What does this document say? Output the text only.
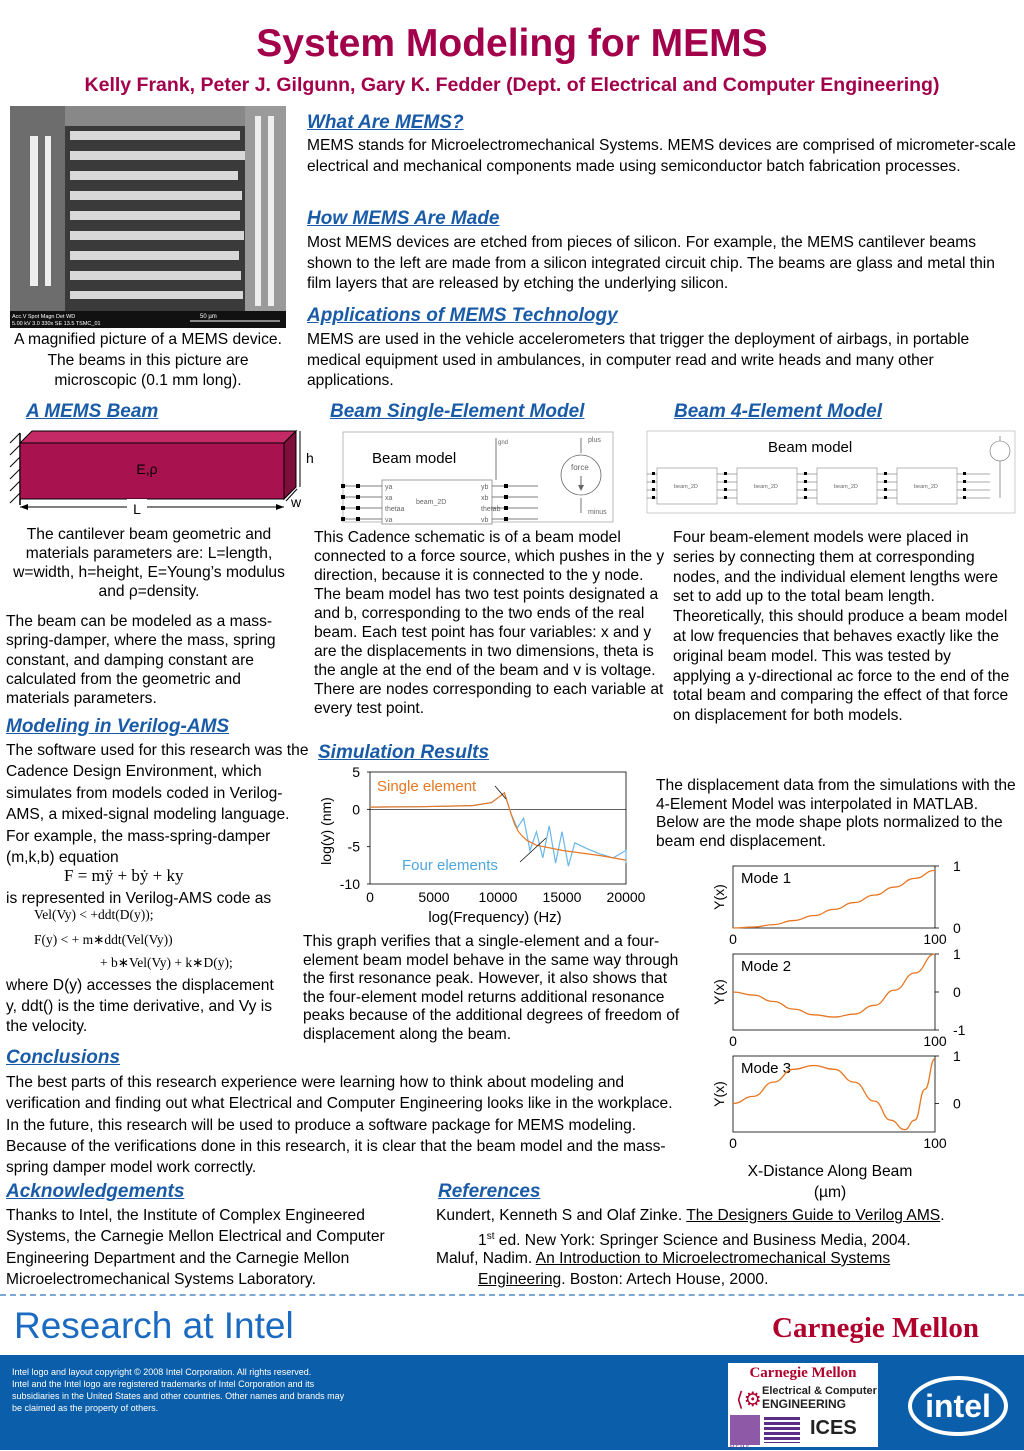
System Modeling for MEMS
Kelly Frank, Peter J. Gilgunn, Gary K. Fedder (Dept. of Electrical and Computer Engineering)
Acc.V Spot Magn Det WD
5.00 kV 3.0 330x SE 13.5 TSMC_01
50 µm
A magnified picture of a MEMS device. The beams in this picture are microscopic (0.1 mm long).
What Are MEMS?
MEMS stands for Microelectromechanical Systems. MEMS devices are comprised of micrometer-scale electrical and mechanical components made using semiconductor batch fabrication processes.
How MEMS Are Made
Most MEMS devices are etched from pieces of silicon. For example, the MEMS cantilever beams shown to the left are made from a silicon integrated circuit chip. The beams are glass and metal thin film layers that are released by etching the underlying silicon.
Applications of MEMS Technology
MEMS are used in the vehicle accelerometers that trigger the deployment of airbags, in portable medical equipment used in ambulances, in computer read and write heads and many other applications.
A MEMS Beam
E,ρ
h
w
L
The cantilever beam geometric and materials parameters are: L=length, w=width, h=height, E=Young’s modulus and ρ=density.
The beam can be modeled as a mass-spring-damper, where the mass, spring constant, and damping constant are calculated from the geometric and materials parameters.
Modeling in Verilog-AMS
The software used for this research was the Cadence Design Environment, which simulates from models coded in Verilog-AMS, a mixed-signal modeling language. For example, the mass-spring-damper (m,k,b) equation
F = mÿ + bẏ + ky
is represented in Verilog-AMS code as
Vel(Vy) < +ddt(D(y));
F(y) < + m∗ddt(Vel(Vy))
+ b∗Vel(Vy) + k∗D(y);
where D(y) accesses the displacement y, ddt() is the time derivative, and Vy is the velocity.
Beam Single-Element Model
Beam model
beam_2D
ya
xa
thetaa
va
yb
xb
thetab
vb
gnd	plus
force
minus
This Cadence schematic is of a beam model connected to a force source, which pushes in the y direction, because it is connected to the y node. The beam model has two test points designated a and b, corresponding to the two ends of the real beam. Each test point has four variables: x and y are the displacements in two dimensions, theta is the angle at the end of the beam and v is voltage. There are nodes corresponding to each variable at every test point.
Beam 4-Element Model
Beam model
beam_2D	beam_2D	beam_2D	beam_2D
Four beam-element models were placed in series by connecting them at corresponding nodes, and the individual element lengths were set to add up to the total beam length. Theoretically, this should produce a beam model at low frequencies that behaves exactly like the original beam model. This was tested by applying a y-directional ac force to the end of the total beam and comparing the effect of that force on displacement for both models.
Simulation Results
5
0
-5
-10
0	5000 10000 15000 20000
Single element
Four elements
log(y) (nm)
log(Frequency) (Hz)
This graph verifies that a single-element and a four-element beam model behave in the same way through the first resonance peak. However, it also shows that the four-element model returns additional resonance peaks because of the additional degrees of freedom of displacement along the beam.
The displacement data from the simulations with the 4-Element Model was interpolated in MATLAB. Below are the mode shape plots normalized to the beam end displacement.
Mode 1
1
0
0	100
Y(x)
Mode 2
1
0
-1
0	100
Y(x)
Mode 3
1
0
0	100
Y(x)
X-Distance Along Beam (µm)
Conclusions
The best parts of this research experience were learning how to think about modeling and verification and finding out what Electrical and Computer Engineering looks like in the workplace. In the future, this research will be used to produce a software package for MEMS modeling. Because of the verifications done in this research, it is clear that the beam model and the mass-spring damper model work correctly.
Acknowledgements
Thanks to Intel, the Institute of Complex Engineered Systems, the Carnegie Mellon Electrical and Computer Engineering Department and the Carnegie Mellon Microelectromechanical Systems Laboratory.
References
Kundert, Kenneth S and Olaf Zinke. The Designers Guide to Verilog AMS.
1st ed. New York: Springer Science and Business Media, 2004.
Maluf, Nadim. An Introduction to Microelectromechanical Systems
Engineering. Boston: Artech House, 2000.
Research at Intel	Carnegie Mellon
Intel logo and layout copyright © 2008 Intel Corporation. All rights reserved.
Intel and the Intel logo are registered trademarks of Intel Corporation and its
subsidiaries in the United States and other countries. Other names and brands may be claimed as the property of others.
Carnegie Mellon
Electrical & Computer
ENGINEERING
⟨⚙
ICES
M E M S
intel
